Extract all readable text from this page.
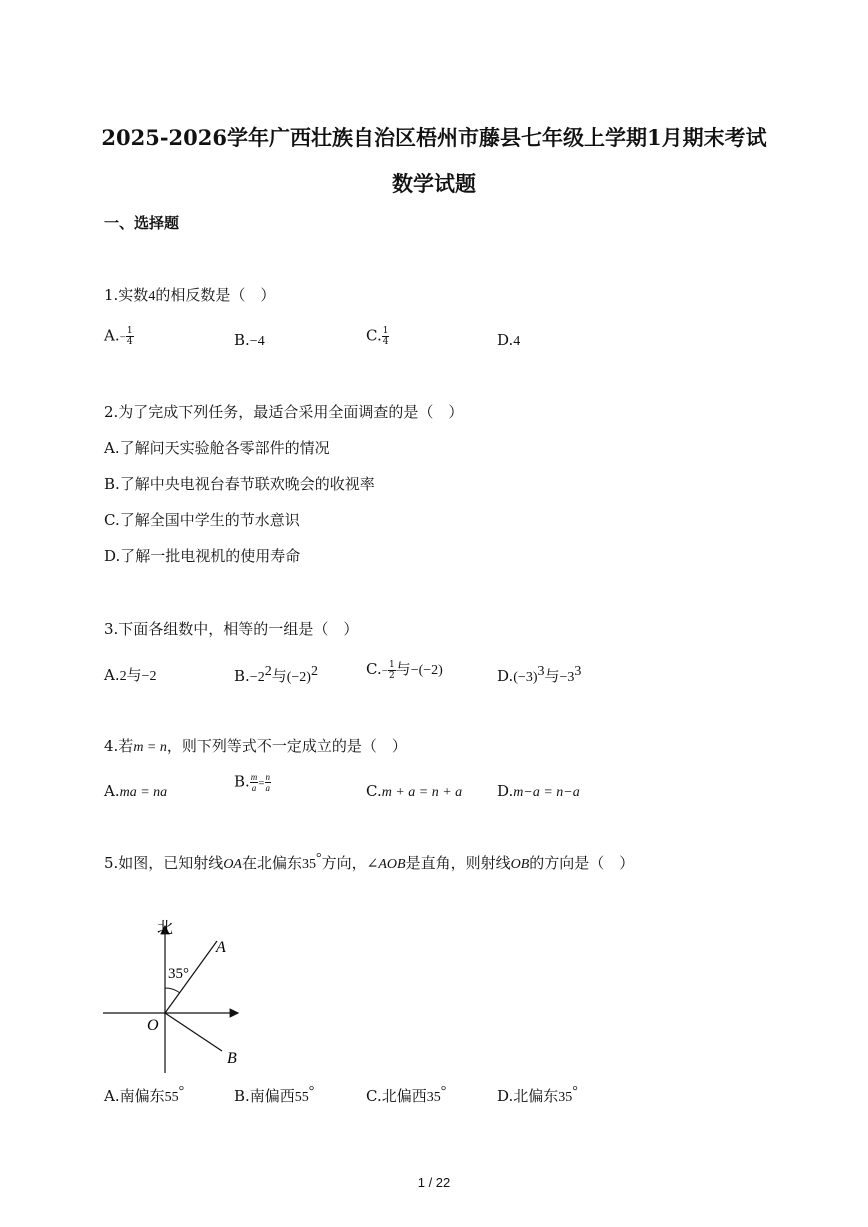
2025-2026学年广西壮族自治区梧州市藤县七年级上学期1月期末考试
数学试题
一、选择题
1.实数4的相反数是（　）
$A.- \frac{1}{4}$	B.−4	C. $\frac{1}{4}$	D.4
2.为了完成下列任务，最适合采用全面调查的是（　）
A.了解问天实验舱各零部件的情况
B.了解中央电视台春节联欢晚会的收视率
C.了解全国中学生的节水意识
D.了解一批电视机的使用寿命
3.下面各组数中，相等的一组是（　）
A.2与−2	$B.-2^2$与$(-2)^2$	$C.- \frac{1}{2}$ 与−(−2)	$D.(-3)^3$与$-3^3$
4.若m = n，则下列等式不一定成立的是（　）
A.ma = na
B. $\frac{m}{a} = \frac{n}{a}$	C.m + a = n + a D.m−a = n−a
5.如图，已知射线OA在北偏东35°方向，∠AOB是直角，则射线OB的方向是（　）
北
A
B
O
35°
A.南偏东55°	B.南偏西55°	C.北偏西35°	D.北偏东35°
1 / 22
